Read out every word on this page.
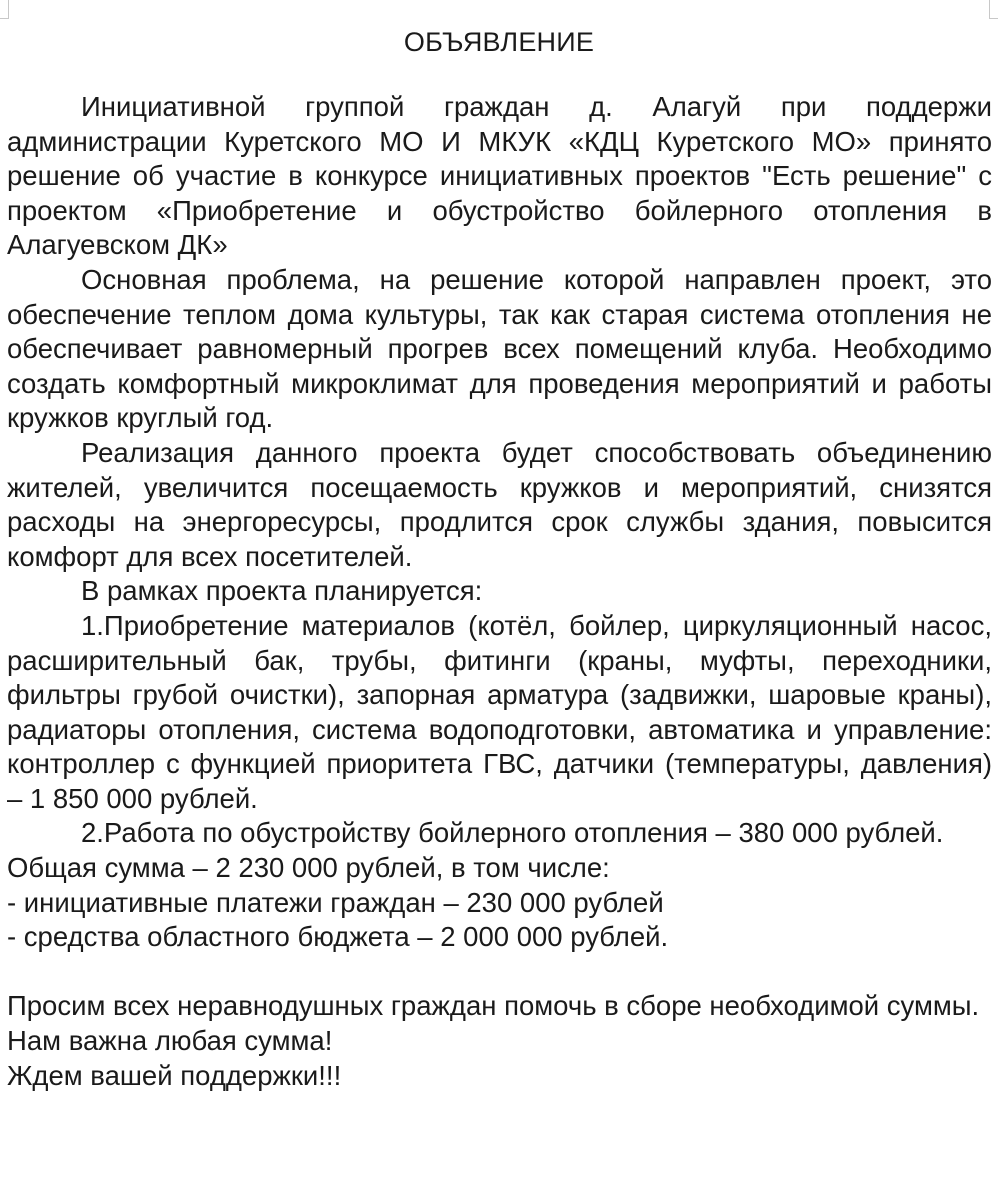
ОБЪЯВЛЕНИЕ

Инициативной группой граждан д. Алагуй при поддержи администрации Куретского МО И МКУК «КДЦ Куретского МО» принято решение об участие в конкурсе инициативных проектов "Есть решение" с проектом «Приобретение и обустройство бойлерного отопления в Алагуевском ДК»

Основная проблема, на решение которой направлен проект, это обеспечение теплом дома культуры, так как старая система отопления не обеспечивает равномерный прогрев всех помещений клуба. Необходимо создать комфортный микроклимат для проведения мероприятий и работы кружков круглый год.

Реализация данного проекта будет способствовать объединению жителей, увеличится посещаемость кружков и мероприятий, снизятся расходы на энергоресурсы, продлится срок службы здания, повысится комфорт для всех посетителей.

В рамках проекта планируется:

1.Приобретение материалов (котёл, бойлер, циркуляционный насос, расширительный бак, трубы, фитинги (краны, муфты, переходники, фильтры грубой очистки), запорная арматура (задвижки, шаровые краны), радиаторы отопления, система водоподготовки, автоматика и управление: контроллер с функцией приоритета ГВС, датчики (температуры, давления) – 1 850 000 рублей.

2.Работа по обустройству бойлерного отопления – 380 000 рублей.

Общая сумма – 2 230 000 рублей, в том числе:

- инициативные платежи граждан – 230 000 рублей

- средства областного бюджета – 2 000 000 рублей.

Просим всех неравнодушных граждан помочь в сборе необходимой суммы.

Нам важна любая сумма!

Ждем вашей поддержки!!!
